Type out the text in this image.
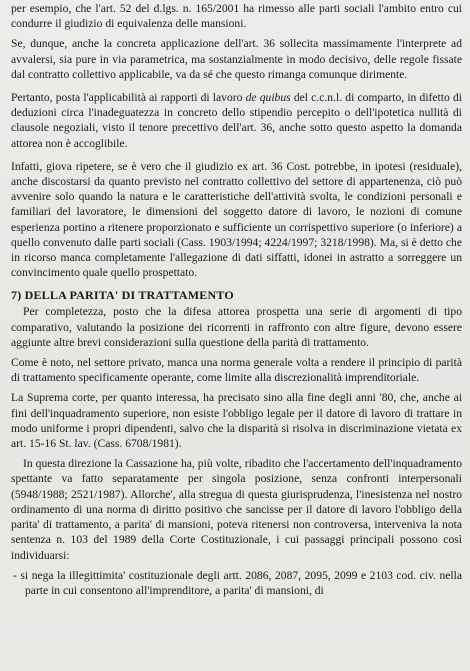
per esempio, che l'art. 52 del d.lgs. n. 165/2001 ha rimesso alle parti sociali l'ambito entro cui condurre il giudizio di equivalenza delle mansioni.

Se, dunque, anche la concreta applicazione dell'art. 36 sollecita massimamente l'interprete ad avvalersi, sia pure in via parametrica, ma sostanzialmente in modo decisivo, delle regole fissate dal contratto collettivo applicabile, va da sé che questo rimanga comunque dirimente.

Pertanto, posta l'applicabilità ai rapporti di lavoro de quibus del c.c.n.l. di comparto, in difetto di deduzioni circa l'inadeguatezza in concreto dello stipendio percepito o dell'ipotetica nullità di clausole negoziali, visto il tenore precettivo dell'art. 36, anche sotto questo aspetto la domanda attorea non è accoglibile.

Infatti, giova ripetere, se è vero che il giudizio ex art. 36 Cost. potrebbe, in ipotesi (residuale), anche discostarsi da quanto previsto nel contratto collettivo del settore di appartenenza, ciò può avvenire solo quando la natura e le caratteristiche dell'attività svolta, le condizioni personali e familiari del lavoratore, le dimensioni del soggetto datore di lavoro, le nozioni di comune esperienza portino a ritenere proporzionato e sufficiente un corrispettivo superiore (o inferiore) a quello convenuto dalle parti sociali (Cass. 1903/1994; 4224/1997; 3218/1998). Ma, si è detto che in ricorso manca completamente l'allegazione di dati siffatti, idonei in astratto a sorreggere un convincimento quale quello prospettato.

7) DELLA PARITA' DI TRATTAMENTO

Per completezza, posto che la difesa attorea prospetta una serie di argomenti di tipo comparativo, valutando la posizione dei ricorrenti in raffronto con altre figure, devono essere aggiunte altre brevi considerazioni sulla questione della parità di trattamento.

Come è noto, nel settore privato, manca una norma generale volta a rendere il principio di parità di trattamento specificamente operante, come limite alla discrezionalità imprenditoriale.

La Suprema corte, per quanto interessa, ha precisato sino alla fine degli anni '80, che, anche ai fini dell'inquadramento superiore, non esiste l'obbligo legale per il datore di lavoro di trattare in modo uniforme i propri dipendenti, salvo che la disparità si risolva in discriminazione vietata ex art. 15-16 St. lav. (Cass. 6708/1981).

In questa direzione la Cassazione ha, più volte, ribadito che l'accertamento dell'inquadramento spettante va fatto separatamente per singola posizione, senza confronti interpersonali (5948/1988; 2521/1987). Allorche', alla stregua di questa giurisprudenza, l'inesistenza nel nostro ordinamento di una norma di diritto positivo che sancisse per il datore di lavoro l'obbligo della parita' di trattamento, a parita' di mansioni, poteva ritenersi non controversa, interveniva la nota sentenza n. 103 del 1989 della Corte Costituzionale, i cui passaggi principali possono così individuarsi:

- si nega la illegittimita' costituzionale degli artt. 2086, 2087, 2095, 2099 e 2103 cod. civ. nella parte in cui consentono all'imprenditore, a parita' di mansioni, di
